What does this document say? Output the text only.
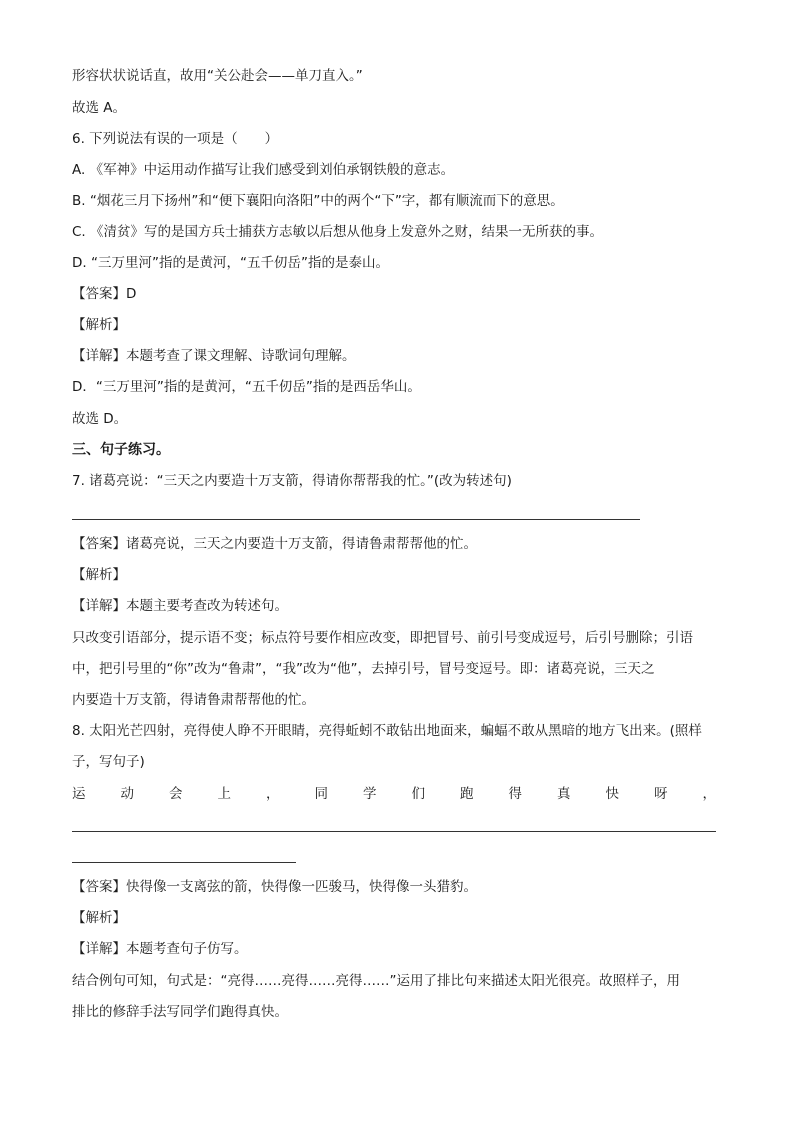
形容状状说话直，故用“关公赴会——单刀直入。”
故选 A。
6. 下列说法有误的一项是（　　）
A. 《军神》中运用动作描写让我们感受到刘伯承钢铁般的意志。
B. “烟花三月下扬州”和“便下襄阳向洛阳”中的两个“下”字，都有顺流而下的意思。
C. 《清贫》写的是国方兵士捕获方志敏以后想从他身上发意外之财，结果一无所获的事。
D. “三万里河”指的是黄河，“五千仞岳”指的是泰山。
【答案】D
【解析】
【详解】本题考查了课文理解、诗歌词句理解。
D．“三万里河”指的是黄河，“五千仞岳”指的是西岳华山。
故选 D。
三、句子练习。
7. 诸葛亮说：“三天之内要造十万支箭，得请你帮帮我的忙。”(改为转述句)
【答案】诸葛亮说，三天之内要造十万支箭，得请鲁肃帮帮他的忙。
【解析】
【详解】本题主要考查改为转述句。
只改变引语部分，提示语不变；标点符号要作相应改变，即把冒号、前引号变成逗号，后引号删除；引语
中，把引号里的“你”改为“鲁肃”，“我”改为“他”，去掉引号，冒号变逗号。即：诸葛亮说，三天之
内要造十万支箭，得请鲁肃帮帮他的忙。
8. 太阳光芒四射，亮得使人睁不开眼睛，亮得蚯蚓不敢钻出地面来，蝙蝠不敢从黑暗的地方飞出来。(照样
子，写句子)
运	动	会	上	，	同	学	们	跑	得	真	快	呀	，
【答案】快得像一支离弦的箭，快得像一匹骏马，快得像一头猎豹。
【解析】
【详解】本题考查句子仿写。
结合例句可知，句式是：“亮得……亮得……亮得……”运用了排比句来描述太阳光很亮。故照样子，用
排比的修辞手法写同学们跑得真快。
